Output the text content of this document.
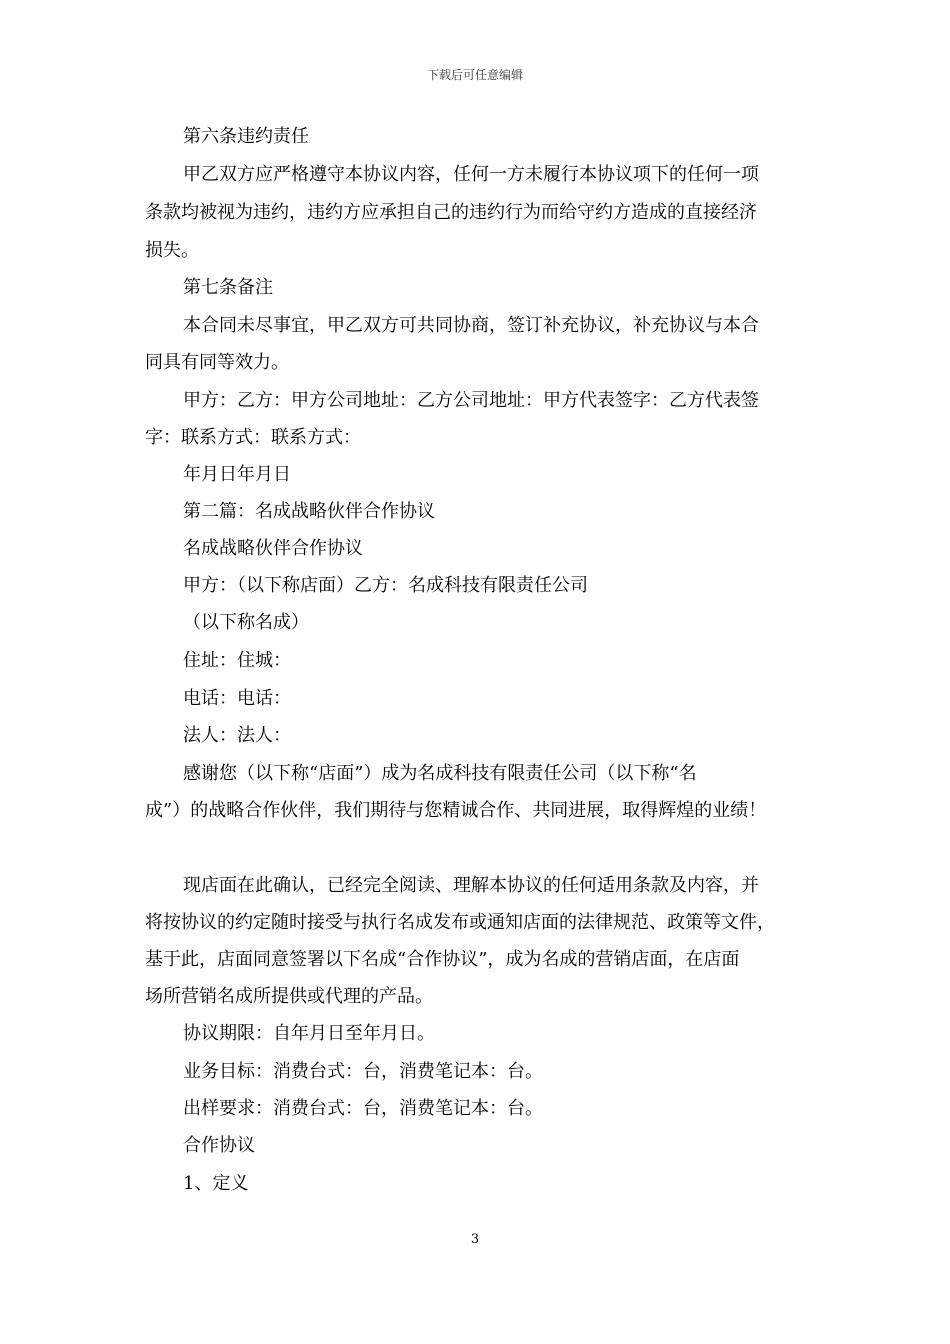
下载后可任意编辑
第六条违约责任
甲乙双方应严格遵守本协议内容，任何一方未履行本协议项下的任何一项
条款均被视为违约，违约方应承担自己的违约行为而给守约方造成的直接经济
损失。
第七条备注
本合同未尽事宜，甲乙双方可共同协商，签订补充协议，补充协议与本合
同具有同等效力。
甲方：乙方：甲方公司地址：乙方公司地址：甲方代表签字：乙方代表签
字：联系方式：联系方式：
年月日年月日
第二篇：名成战略伙伴合作协议
名成战略伙伴合作协议
甲方：（以下称店面）乙方：名成科技有限责任公司
（以下称名成）
住址：住城：
电话：电话：
法人：法人：
感谢您（以下称“店面”）成为名成科技有限责任公司（以下称“名
成”）的战略合作伙伴，我们期待与您精诚合作、共同进展，取得辉煌的业绩！
现店面在此确认，已经完全阅读、理解本协议的任何适用条款及内容，并
将按协议的约定随时接受与执行名成发布或通知店面的法律规范、政策等文件，
基于此，店面同意签署以下名成“合作协议”，成为名成的营销店面，在店面
场所营销名成所提供或代理的产品。
协议期限：自年月日至年月日。
业务目标：消费台式：台，消费笔记本：台。
出样要求：消费台式：台，消费笔记本：台。
合作协议
1、定义
3
